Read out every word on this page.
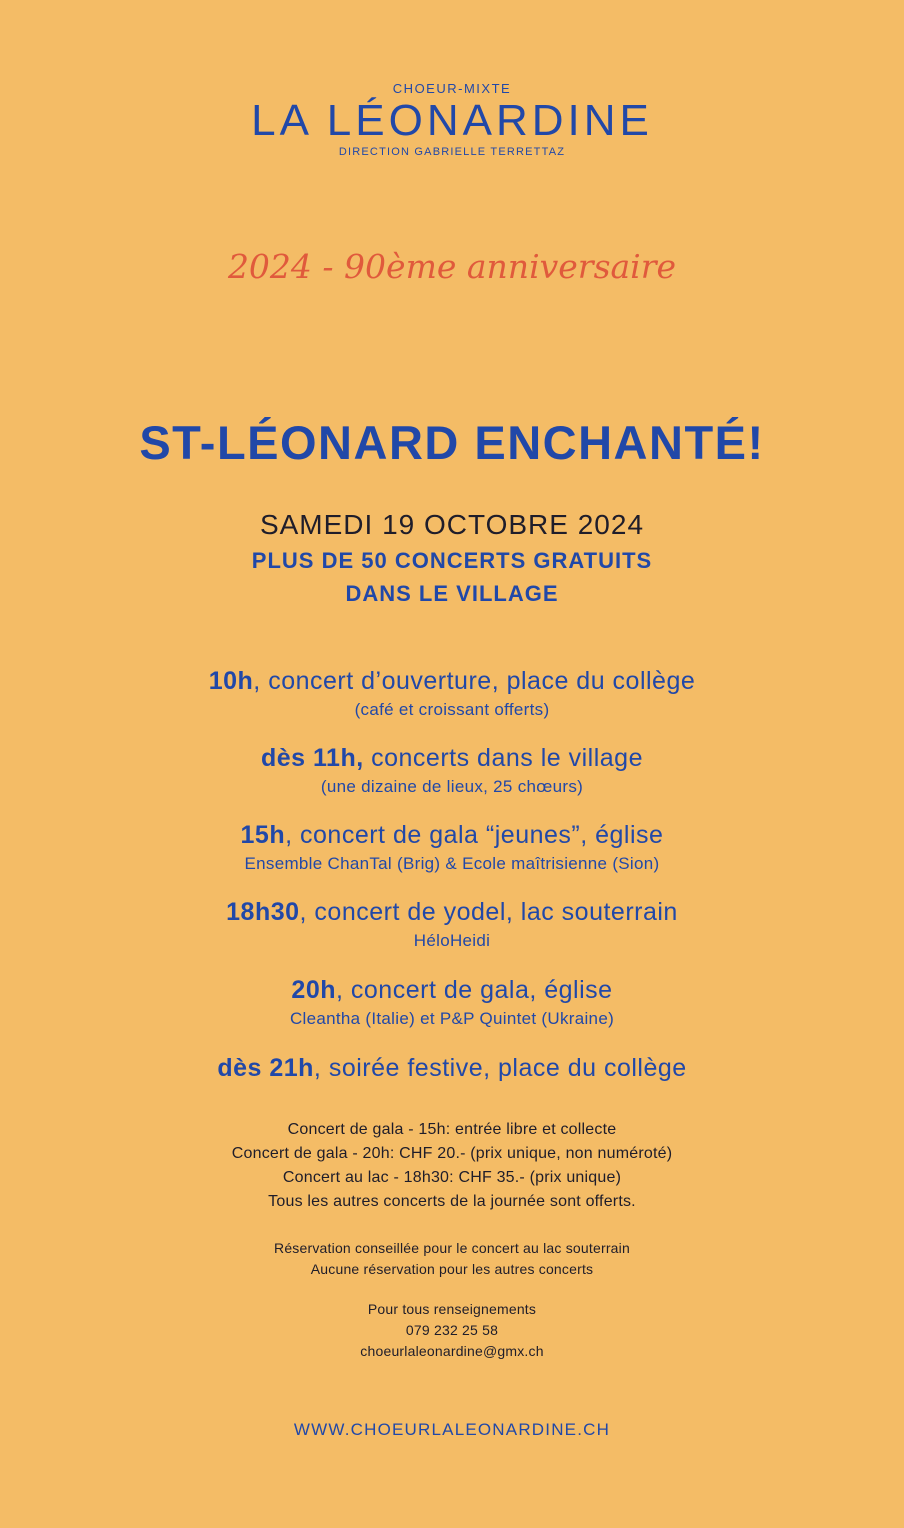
CHOEUR-MIXTE
LA LÉONARDINE
DIRECTION GABRIELLE TERRETTAZ
2024 - 90ème anniversaire
ST-LÉONARD ENCHANTÉ!
SAMEDI 19 OCTOBRE 2024
PLUS DE 50 CONCERTS GRATUITS
DANS LE VILLAGE
10h, concert d’ouverture, place du collège
(café et croissant offerts)
dès 11h, concerts dans le village
(une dizaine de lieux, 25 chœurs)
15h, concert de gala “jeunes”, église
Ensemble ChanTal (Brig) & Ecole maîtrisienne (Sion)
18h30, concert de yodel, lac souterrain
HéloHeidi
20h, concert de gala, église
Cleantha (Italie) et P&P Quintet (Ukraine)
dès 21h, soirée festive, place du collège
Concert de gala - 15h: entrée libre et collecte
Concert de gala - 20h: CHF 20.- (prix unique, non numéroté)
Concert au lac - 18h30: CHF 35.- (prix unique)
Tous les autres concerts de la journée sont offerts.
Réservation conseillée pour le concert au lac souterrain
Aucune réservation pour les autres concerts
Pour tous renseignements
079 232 25 58
choeurlaleonardine@gmx.ch
WWW.CHOEURLALEONARDINE.CH
